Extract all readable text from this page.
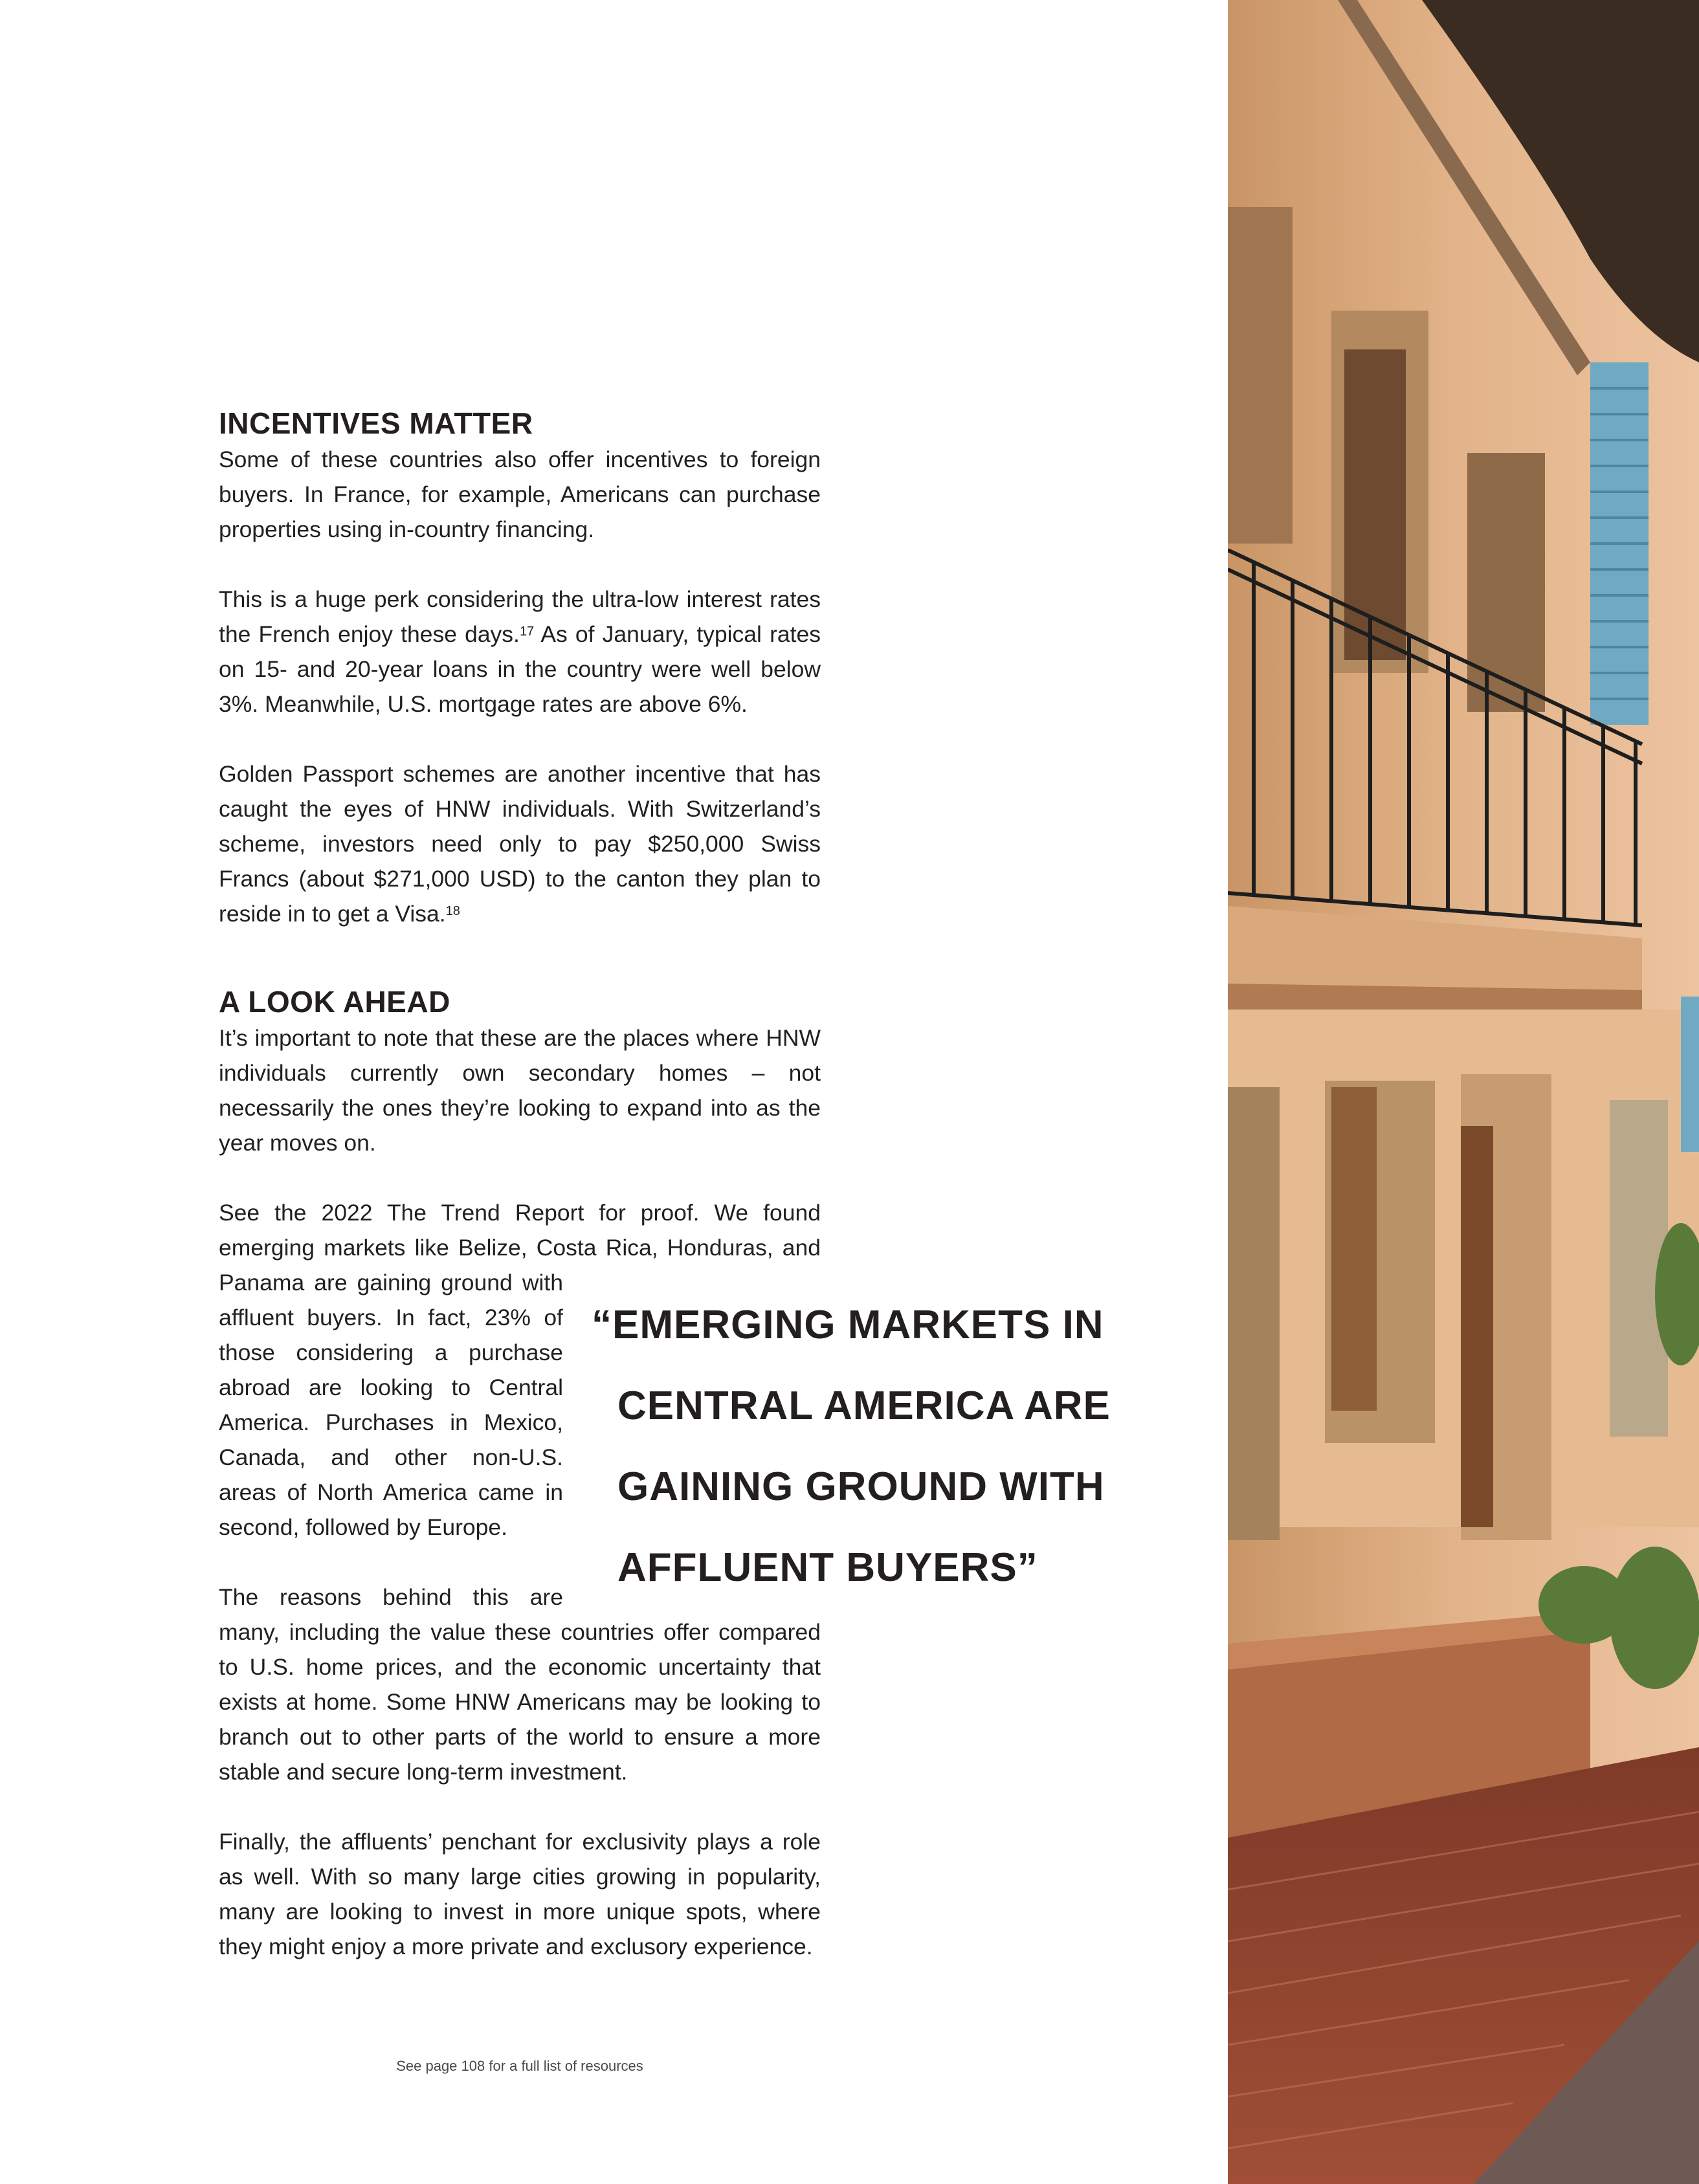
INCENTIVES MATTER

Some of these countries also offer incentives to foreign buyers. In France, for example, Americans can purchase properties using in-country financing.

This is a huge perk considering the ultra-low interest rates the French enjoy these days.$^{17}$ As of January, typical rates on 15- and 20-year loans in the country were well below 3%. Meanwhile, U.S. mortgage rates are above 6%.

Golden Passport schemes are another incentive that has caught the eyes of HNW individuals. With Switzerland’s scheme, investors need only to pay $250,000 Swiss Francs (about $271,000 USD) to the canton they plan to reside in to get a Visa.$^{18}$

A LOOK AHEAD

It’s important to note that these are the places where HNW individuals currently own secondary homes – not necessarily the ones they’re looking to expand into as the year moves on.

See the 2022 The Trend Report for proof. We found emerging markets like Belize, Costa Rica, Honduras, and Panama are gaining ground with affluent buyers. In fact, 23% of those considering a purchase abroad are looking to Central America. Purchases in Mexico, Canada, and other non-U.S. areas of North America came in second, followed by Europe.

The reasons behind this are many, including the value these countries offer compared to U.S. home prices, and the economic uncertainty that exists at home. Some HNW Americans may be looking to branch out to other parts of the world to ensure a more stable and secure long-term investment.

Finally, the affluents’ penchant for exclusivity plays a role as well. With so many large cities growing in popularity, many are looking to invest in more unique spots, where they might enjoy a more private and exclusory experience.

“EMERGING MARKETS IN
CENTRAL AMERICA ARE
GAINING GROUND WITH
AFFLUENT BUYERS”
See page 108 for a full list of resources
